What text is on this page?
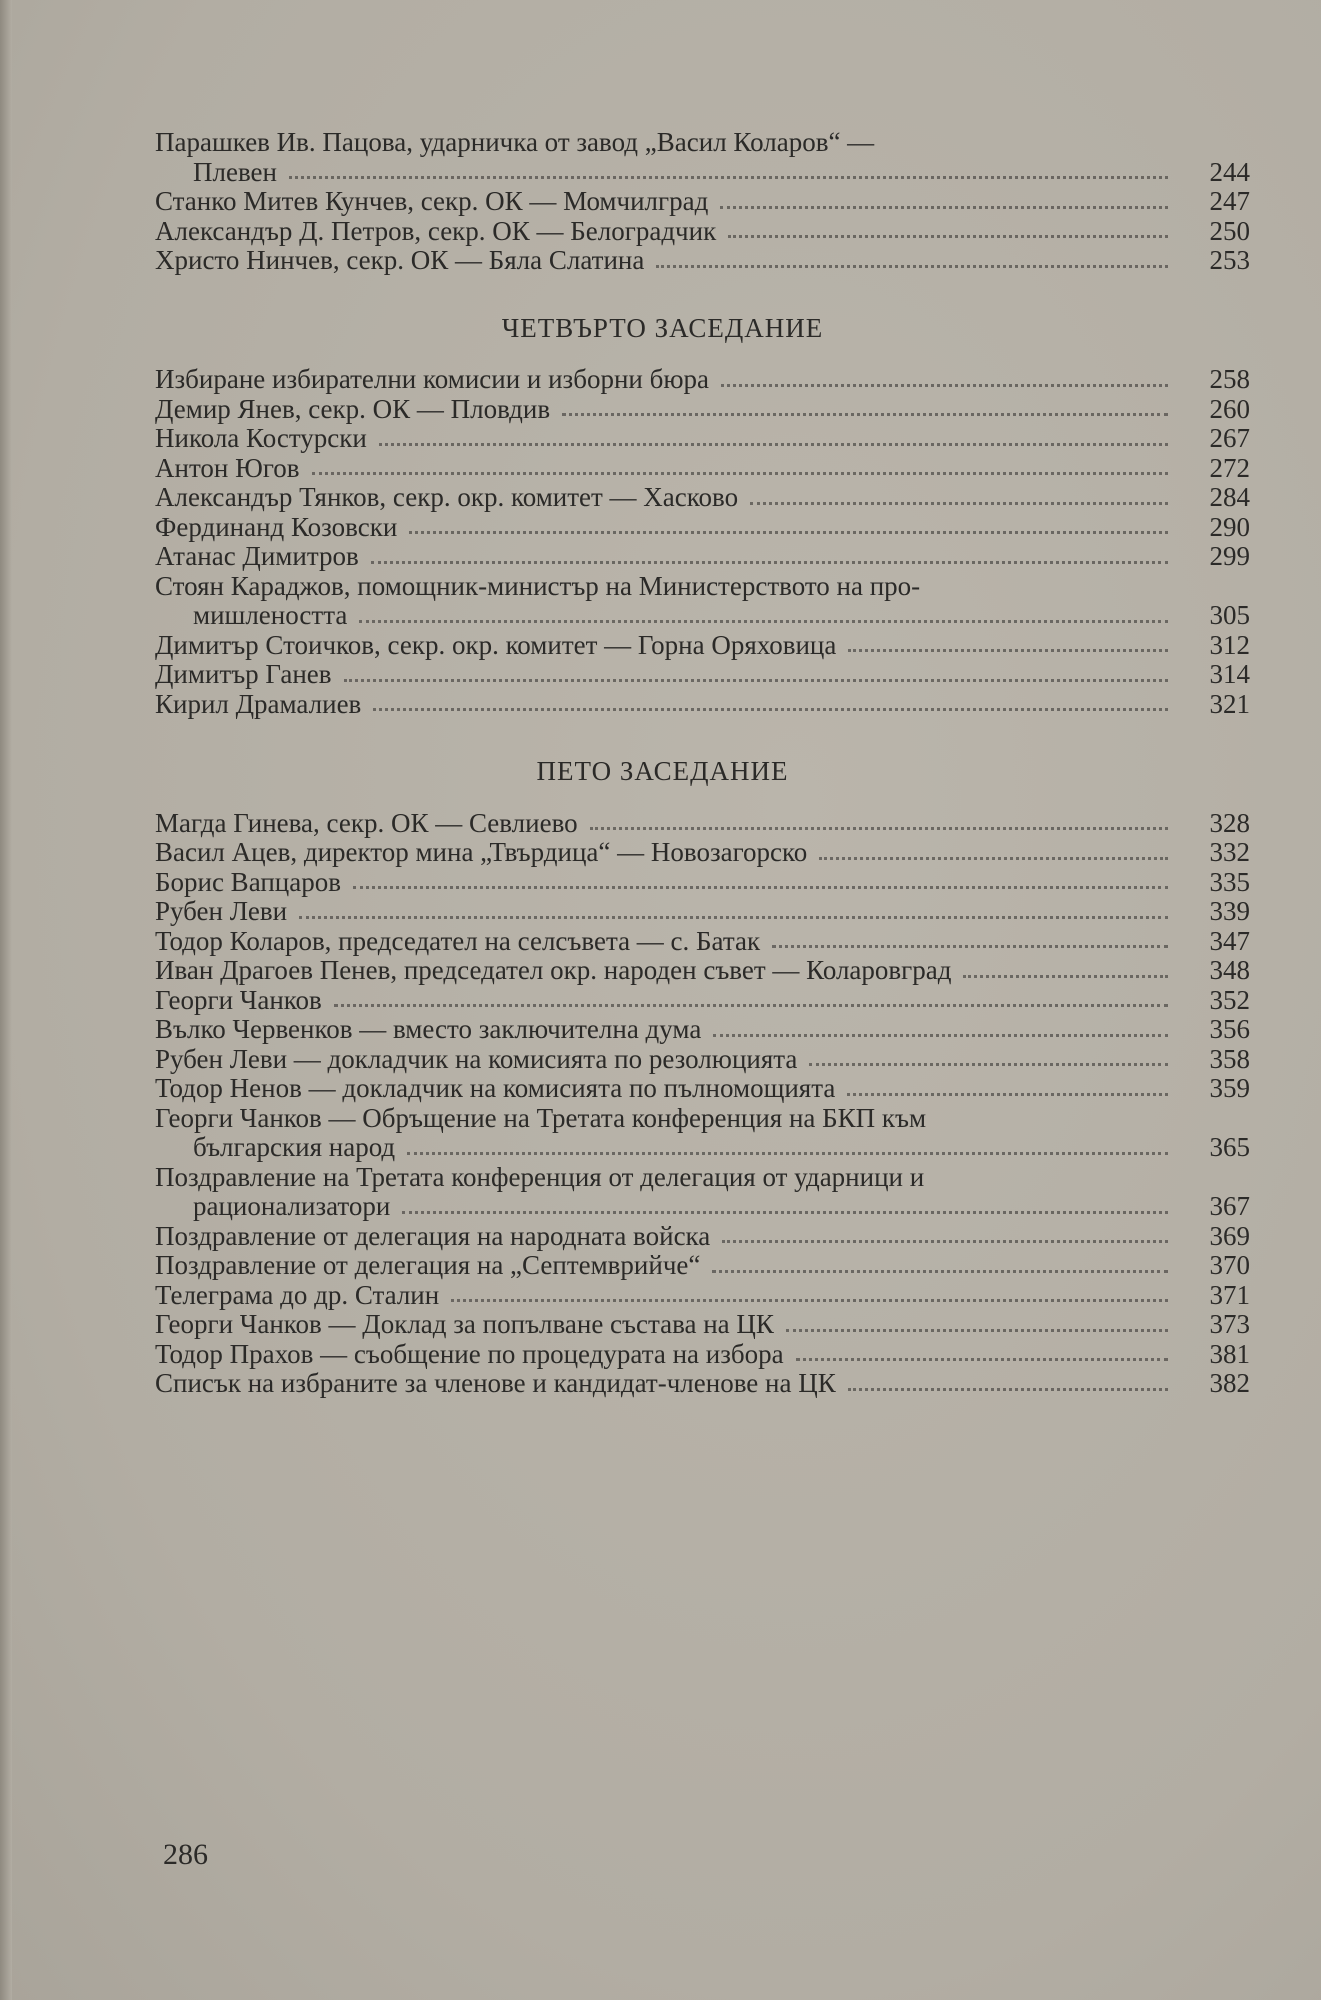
Парашкев Ив. Пацова, ударничка от завод „Васил Коларов“ —
Плевен	244
Станко Митев Кунчев, секр. ОК — Момчилград	247
Александър Д. Петров, секр. ОК — Белоградчик	250
Христо Нинчев, секр. ОК — Бяла Слатина	253
ЧЕТВЪРТО ЗАСЕДАНИЕ
Избиране избирателни комисии и изборни бюра	258
Демир Янев, секр. ОК — Пловдив	260
Никола Костурски	267
Антон Югов	272
Александър Тянков, секр. окр. комитет — Хасково	284
Фердинанд Козовски	290
Атанас Димитров	299
Стоян Караджов, помощник-министър на Министерството на про-
мишлеността	305
Димитър Стоичков, секр. окр. комитет — Горна Оряховица	312
Димитър Ганев	314
Кирил Драмалиев	321
ПЕТО ЗАСЕДАНИЕ
Магда Гинева, секр. ОК — Севлиево	328
Васил Ацев, директор мина „Твърдица“ — Новозагорско	332
Борис Вапцаров	335
Рубен Леви	339
Тодор Коларов, председател на селсъвета — с. Батак	347
Иван Драгоев Пенев, председател окр. народен съвет — Коларовград	348
Георги Чанков	352
Вълко Червенков — вместо заключителна дума	356
Рубен Леви — докладчик на комисията по резолюцията	358
Тодор Ненов — докладчик на комисията по пълномощията	359
Георги Чанков — Обръщение на Третата конференция на БКП към
българския народ	365
Поздравление на Третата конференция от делегация от ударници и
рационализатори	367
Поздравление от делегация на народната войска	369
Поздравление от делегация на „Септемврийче“	370
Телеграма до др. Сталин	371
Георги Чанков — Доклад за попълване състава на ЦК	373
Тодор Прахов — съобщение по процедурата на избора	381
Списък на избраните за членове и кандидат-членове на ЦК	382
286
